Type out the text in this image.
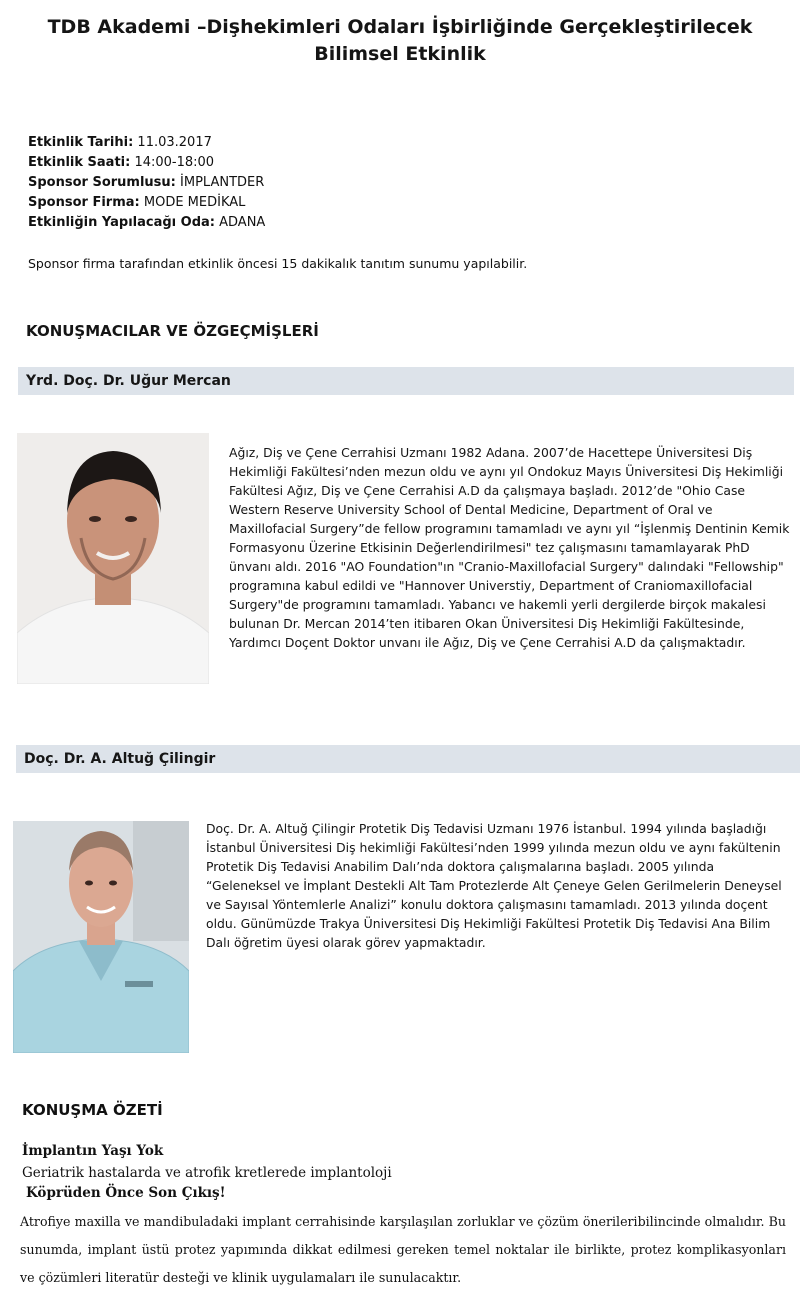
TDB Akademi –Dişhekimleri Odaları İşbirliğinde Gerçekleştirilecek Bilimsel Etkinlik
Etkinlik Tarihi: 11.03.2017
Etkinlik Saati: 14:00-18:00
Sponsor Sorumlusu: İMPLANTDER
Sponsor Firma: MODE MEDİKAL
Etkinliğin Yapılacağı Oda: ADANA
Sponsor firma tarafından etkinlik öncesi 15 dakikalık tanıtım sunumu yapılabilir.
KONUŞMACILAR VE ÖZGEÇMİŞLERİ
Yrd. Doç. Dr. Uğur Mercan
Ağız, Diş ve Çene Cerrahisi Uzmanı 1982 Adana. 2007’de Hacettepe Üniversitesi Diş Hekimliği Fakültesi’nden mezun oldu ve aynı yıl Ondokuz Mayıs Üniversitesi Diş Hekimliği Fakültesi Ağız, Diş ve Çene Cerrahisi A.D da çalışmaya başladı. 2012’de "Ohio Case Western Reserve University School of Dental Medicine, Department of Oral ve Maxillofacial Surgery”de fellow programını tamamladı ve aynı yıl “İşlenmiş Dentinin Kemik Formasyonu Üzerine Etkisinin Değerlendirilmesi" tez çalışmasını tamamlayarak PhD ünvanı aldı. 2016 "AO Foundation"ın "Cranio-Maxillofacial Surgery" dalındaki "Fellowship" programına kabul edildi ve "Hannover Universtiy, Department of Craniomaxillofacial Surgery"de programını tamamladı. Yabancı ve hakemli yerli dergilerde birçok makalesi bulunan Dr. Mercan 2014’ten itibaren Okan Üniversitesi Diş Hekimliği Fakültesinde, Yardımcı Doçent Doktor unvanı ile Ağız, Diş ve Çene Cerrahisi A.D da çalışmaktadır.
Doç. Dr. A. Altuğ Çilingir
Doç. Dr. A. Altuğ Çilingir Protetik Diş Tedavisi Uzmanı 1976 İstanbul. 1994 yılında başladığı İstanbul Üniversitesi Diş hekimliği Fakültesi’nden 1999 yılında mezun oldu ve aynı fakültenin Protetik Diş Tedavisi Anabilim Dalı’nda doktora çalışmalarına başladı. 2005 yılında “Geleneksel ve İmplant Destekli Alt Tam Protezlerde Alt Çeneye Gelen Gerilmelerin Deneysel ve Sayısal Yöntemlerle Analizi” konulu doktora çalışmasını tamamladı. 2013 yılında doçent oldu. Günümüzde Trakya Üniversitesi Diş Hekimliği Fakültesi Protetik Diş Tedavisi Ana Bilim Dalı öğretim üyesi olarak görev yapmaktadır.
KONUŞMA ÖZETİ
İmplantın Yaşı Yok
Geriatrik hastalarda ve atrofik kretlerede implantoloji
Köprüden Önce Son Çıkış!
Atrofiye maxilla ve mandibuladaki implant cerrahisinde karşılaşılan zorluklar ve çözüm önerileribilincinde olmalıdır. Bu sunumda, implant üstü protez yapımında dikkat edilmesi gereken temel noktalar ile birlikte, protez komplikasyonları ve çözümleri literatür desteği ve klinik uygulamaları ile sunulacaktır.
